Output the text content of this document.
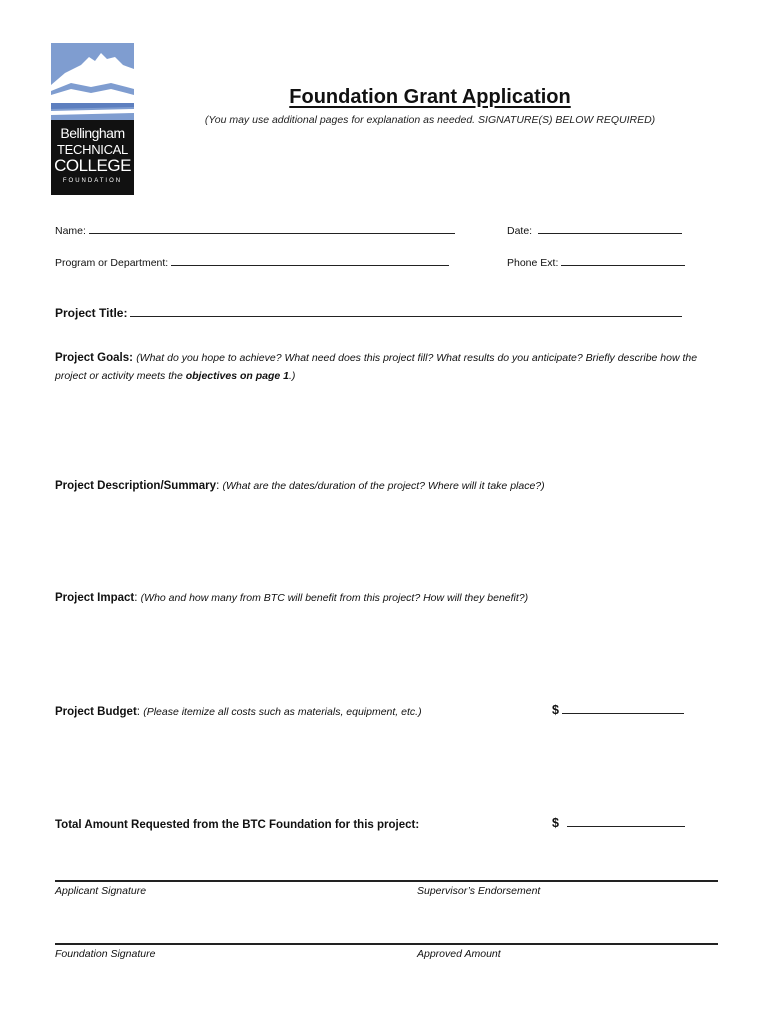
Bellingham
TECHNICAL
COLLEGE
FOUNDATION
Foundation Grant Application
(You may use additional pages for explanation as needed. SIGNATURE(S) BELOW REQUIRED)
Name:	Date:
Program or Department:	Phone Ext:
Project Title:
Project Goals: (What do you hope to achieve? What need does this project fill? What results do you anticipate? Briefly describe how the project or activity meets the objectives on page 1.)
Project Description/Summary: (What are the dates/duration of the project? Where will it take place?)
Project Impact: (Who and how many from BTC will benefit from this project? How will they benefit?)
Project Budget: (Please itemize all costs such as materials, equipment, etc.)	$
Total Amount Requested from the BTC Foundation for this project:	$
Applicant Signature	Supervisor’s Endorsement
Foundation Signature	Approved Amount
